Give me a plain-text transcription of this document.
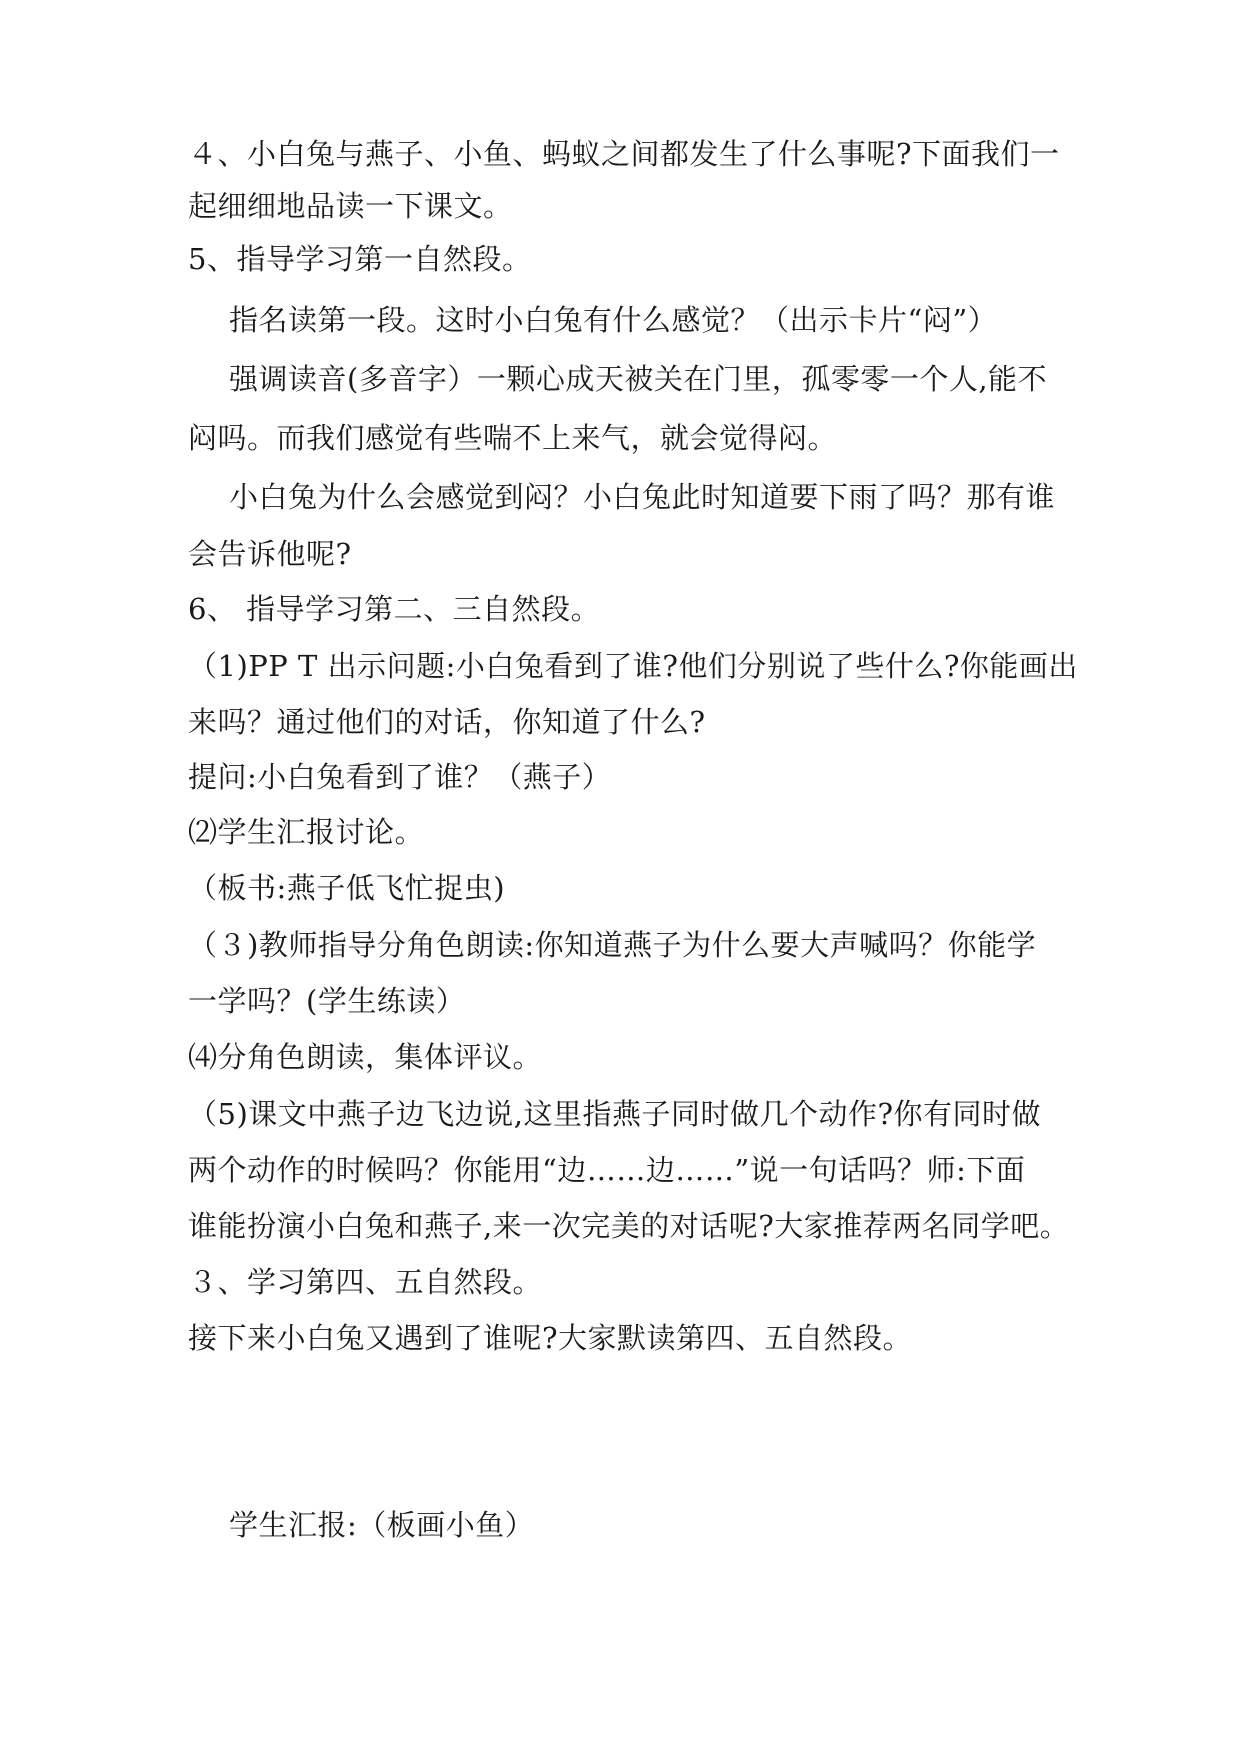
４、小白兔与燕子、小鱼、蚂蚁之间都发生了什么事呢?下面我们一
起细细地品读一下课文。
5、指导学习第一自然段。
指名读第一段。这时小白兔有什么感觉？（出示卡片“闷”）
强调读音(多音字）一颗心成天被关在门里，孤零零一个人,能不
闷吗。而我们感觉有些喘不上来气，就会觉得闷。
小白兔为什么会感觉到闷？小白兔此时知道要下雨了吗？那有谁
会告诉他呢?
6、 指导学习第二、三自然段。
（1)PP T 出示问题:小白兔看到了谁?他们分别说了些什么?你能画出
来吗？通过他们的对话，你知道了什么?
提问:小白兔看到了谁？（燕子）
⑵学生汇报讨论。
（板书:燕子低飞忙捉虫)
（３)教师指导分角色朗读:你知道燕子为什么要大声喊吗？你能学
一学吗？(学生练读）
⑷分角色朗读，集体评议。
（5)课文中燕子边飞边说,这里指燕子同时做几个动作?你有同时做
两个动作的时候吗？你能用“边……边……”说一句话吗？师:下面
谁能扮演小白兔和燕子,来一次完美的对话呢?大家推荐两名同学吧。
３、学习第四、五自然段。
接下来小白兔又遇到了谁呢?大家默读第四、五自然段。
学生汇报:（板画小鱼）
